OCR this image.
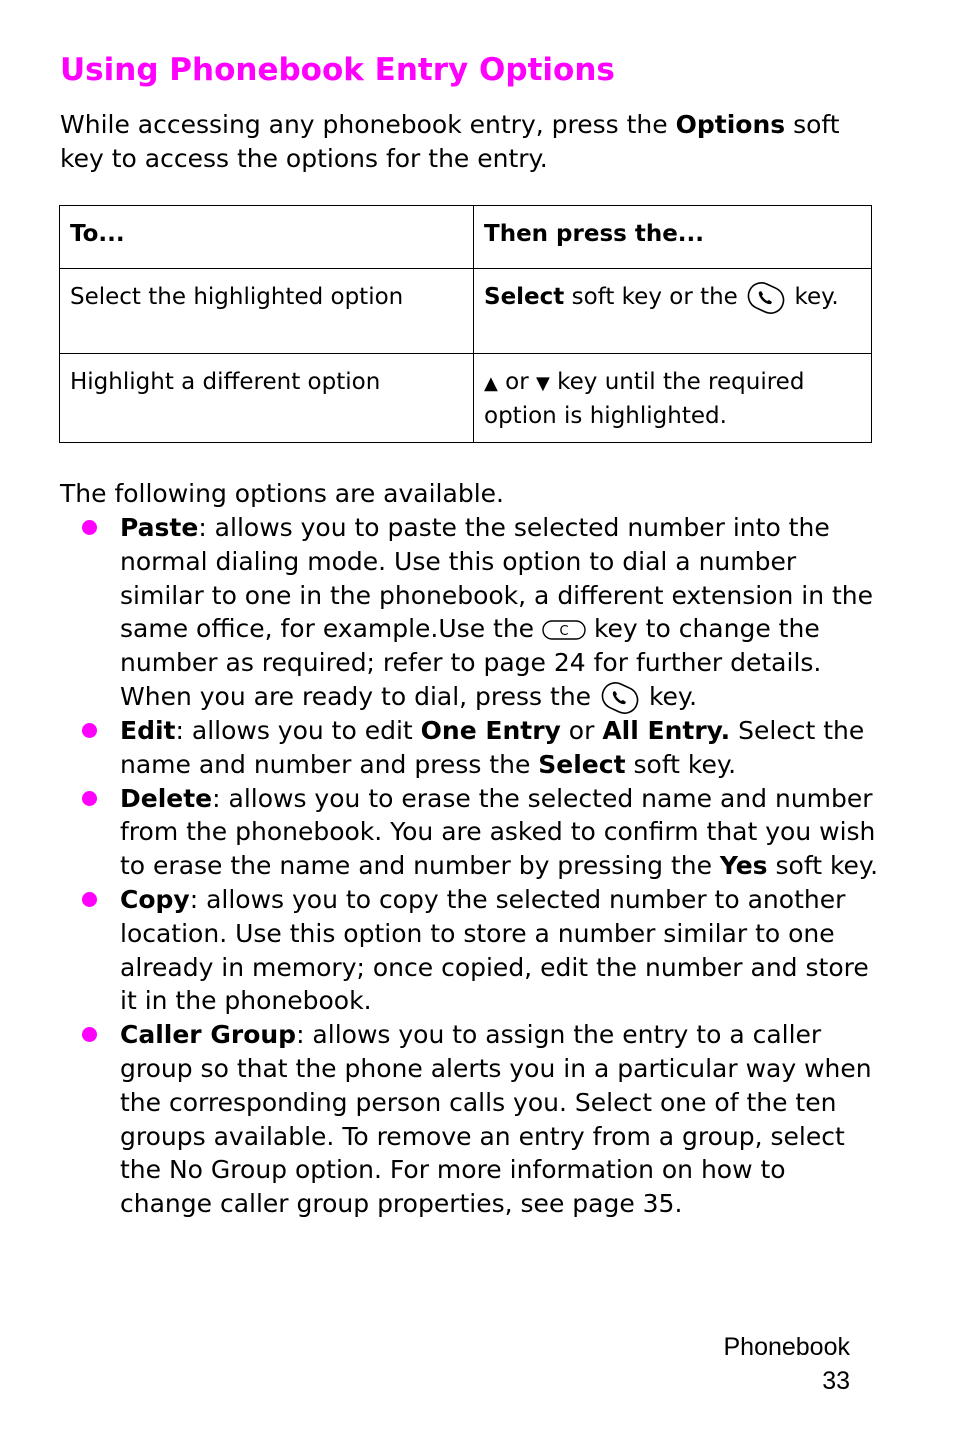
Using Phonebook Entry Options

While accessing any phonebook entry, press the Options soft key to access the options for the entry.

To...	Then press the...
Select the highlighted option	Select soft key or the  key.
Highlight a different option	▲ or ▼ key until the required option is highlighted.

The following options are available.

Paste: allows you to paste the selected number into the normal dialing mode. Use this option to dial a number similar to one in the phonebook, a different extension in the same office, for example.Use the C key to change the number as required; refer to page 24 for further details. When you are ready to dial, press the  key.
Edit: allows you to edit One Entry or All Entry. Select the name and number and press the Select soft key.
Delete: allows you to erase the selected name and number from the phonebook. You are asked to confirm that you wish to erase the name and number by pressing the Yes soft key.
Copy: allows you to copy the selected number to another location. Use this option to store a number similar to one already in memory; once copied, edit the number and store it in the phonebook.
Caller Group: allows you to assign the entry to a caller group so that the phone alerts you in a particular way when the corresponding person calls you. Select one of the ten groups available. To remove an entry from a group, select the No Group option. For more information on how to change caller group properties, see page 35.
Phonebook
33
